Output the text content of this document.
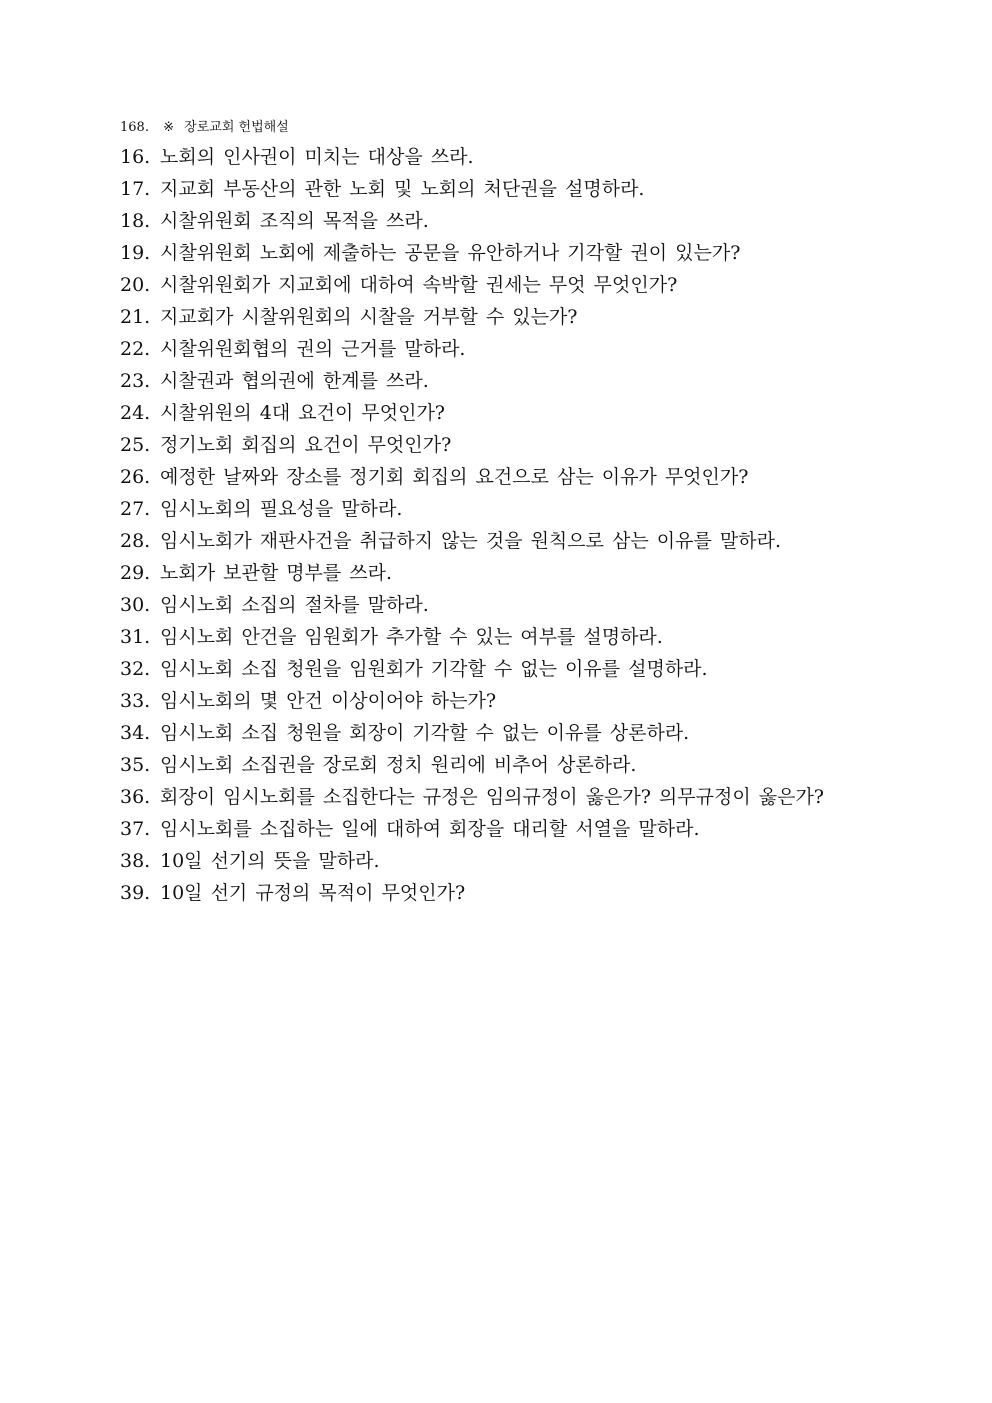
168. ※ 장로교회 헌법해설
16. 노회의 인사권이 미치는 대상을 쓰라.
17. 지교회 부동산의 관한 노회 및 노회의 처단권을 설명하라.
18. 시찰위원회 조직의 목적을 쓰라.
19. 시찰위원회 노회에 제출하는 공문을 유안하거나 기각할 권이 있는가?
20. 시찰위원회가 지교회에 대하여 속박할 권세는 무엇 무엇인가?
21. 지교회가 시찰위원회의 시찰을 거부할 수 있는가?
22. 시찰위원회협의 권의 근거를 말하라.
23. 시찰권과 협의권에 한계를 쓰라.
24. 시찰위원의 4대 요건이 무엇인가?
25. 정기노회 회집의 요건이 무엇인가?
26. 예정한 날짜와 장소를 정기회 회집의 요건으로 삼는 이유가 무엇인가?
27. 임시노회의 필요성을 말하라.
28. 임시노회가 재판사건을 취급하지 않는 것을 원칙으로 삼는 이유를 말하라.
29. 노회가 보관할 명부를 쓰라.
30. 임시노회 소집의 절차를 말하라.
31. 임시노회 안건을 임원회가 추가할 수 있는 여부를 설명하라.
32. 임시노회 소집 청원을 임원회가 기각할 수 없는 이유를 설명하라.
33. 임시노회의 몇 안건 이상이어야 하는가?
34. 임시노회 소집 청원을 회장이 기각할 수 없는 이유를 상론하라.
35. 임시노회 소집권을 장로회 정치 원리에 비추어 상론하라.
36. 회장이 임시노회를 소집한다는 규정은 임의규정이 옳은가? 의무규정이 옳은가?
37. 임시노회를 소집하는 일에 대하여 회장을 대리할 서열을 말하라.
38. 10일 선기의 뜻을 말하라.
39. 10일 선기 규정의 목적이 무엇인가?
